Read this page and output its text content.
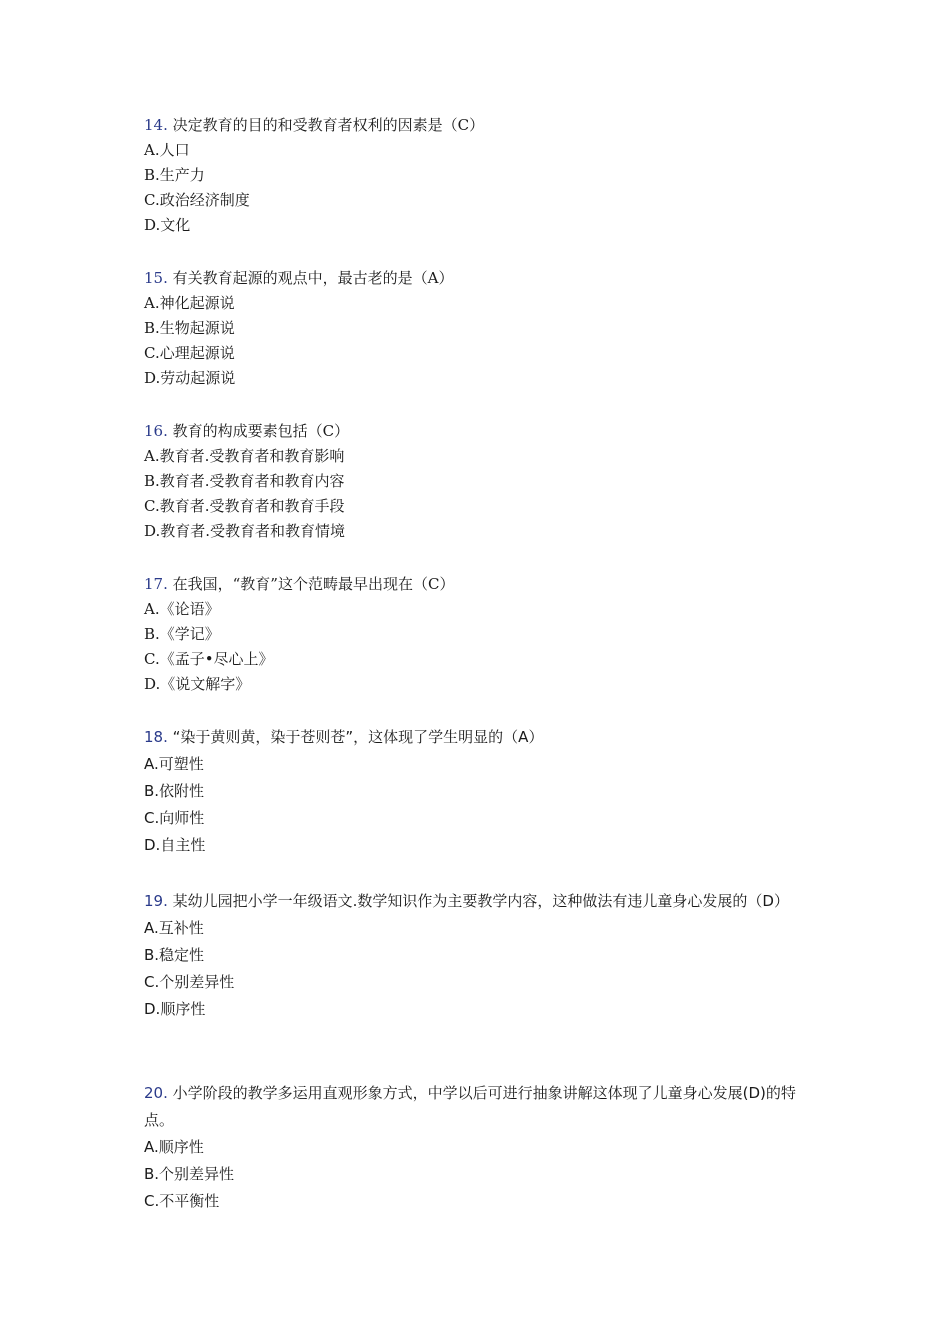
14. 决定教育的目的和受教育者权利的因素是（C）
A.人口
B.生产力
C.政治经济制度
D.文化
15. 有关教育起源的观点中，最古老的是（A）
A.神化起源说
B.生物起源说
C.心理起源说
D.劳动起源说
16. 教育的构成要素包括（C）
A.教育者.受教育者和教育影响
B.教育者.受教育者和教育内容
C.教育者.受教育者和教育手段
D.教育者.受教育者和教育情境
17. 在我国，“教育”这个范畴最早出现在（C）
A.《论语》
B.《学记》
C.《孟子•尽心上》
D.《说文解字》
18. “染于黄则黄，染于苍则苍”，这体现了学生明显的（A）
A.可塑性
B.依附性
C.向师性
D.自主性
19. 某幼儿园把小学一年级语文.数学知识作为主要教学内容，这种做法有违儿童身心发展的（D）
A.互补性
B.稳定性
C.个别差异性
D.顺序性
20. 小学阶段的教学多运用直观形象方式，中学以后可进行抽象讲解这体现了儿童身心发展(D)的特点。
A.顺序性
B.个别差异性
C.不平衡性
